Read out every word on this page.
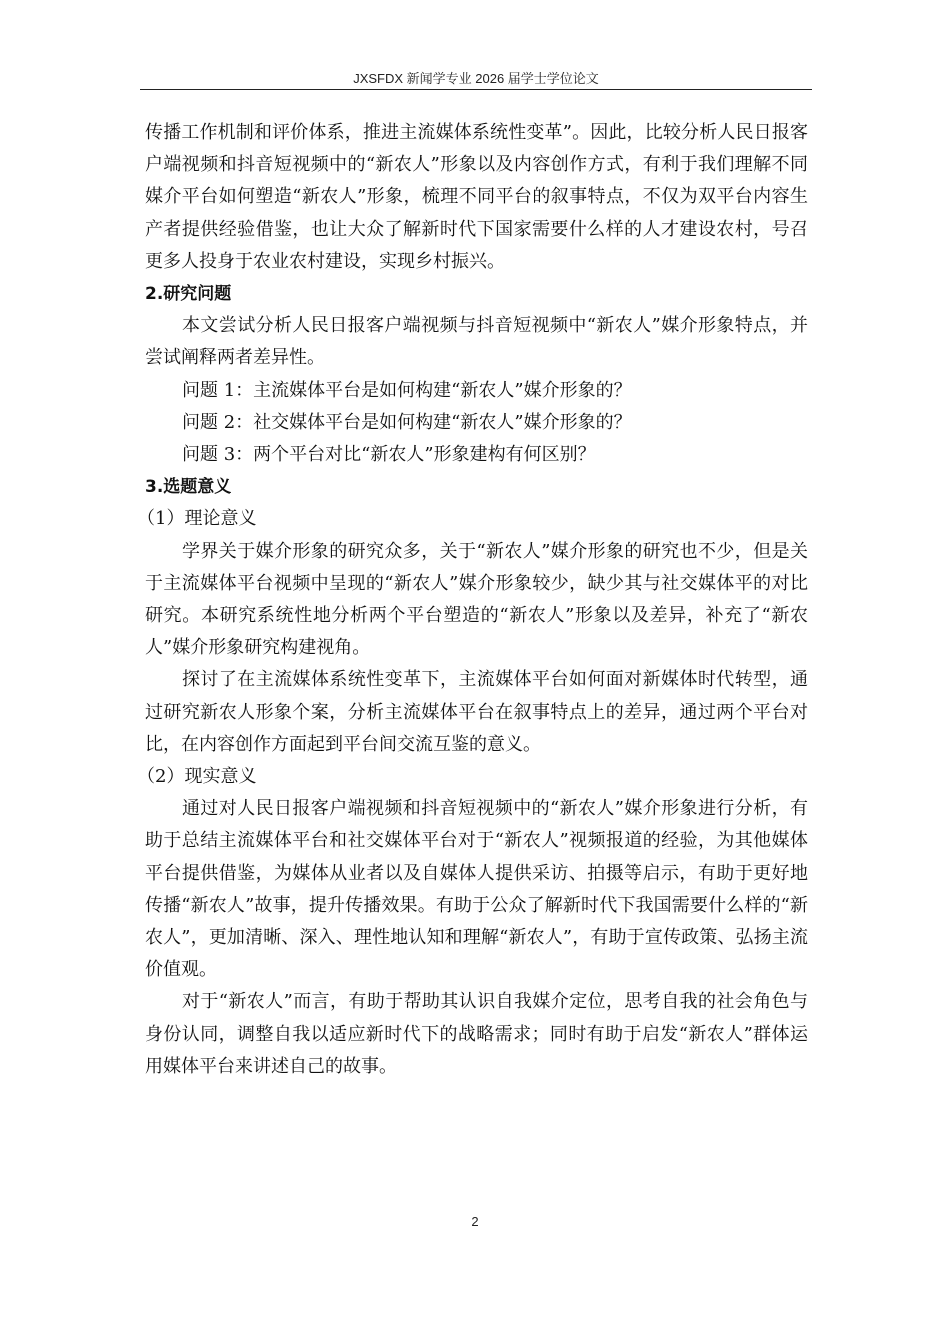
JXSFDX 新闻学专业 2026 届学士学位论文

传播工作机制和评价体系，推进主流媒体系统性变革”。因此，比较分析人民日报客户端视频和抖音短视频中的“新农人”形象以及内容创作方式，有利于我们理解不同媒介平台如何塑造“新农人”形象，梳理不同平台的叙事特点，不仅为双平台内容生产者提供经验借鉴，也让大众了解新时代下国家需要什么样的人才建设农村，号召更多人投身于农业农村建设，实现乡村振兴。

2.研究问题

本文尝试分析人民日报客户端视频与抖音短视频中“新农人”媒介形象特点，并尝试阐释两者差异性。

问题 1：主流媒体平台是如何构建“新农人”媒介形象的？

问题 2：社交媒体平台是如何构建“新农人”媒介形象的？

问题 3：两个平台对比“新农人”形象建构有何区别？

3.选题意义

（1）理论意义

学界关于媒介形象的研究众多，关于“新农人”媒介形象的研究也不少，但是关于主流媒体平台视频中呈现的“新农人”媒介形象较少，缺少其与社交媒体平的对比研究。本研究系统性地分析两个平台塑造的“新农人”形象以及差异，补充了“新农人”媒介形象研究构建视角。

探讨了在主流媒体系统性变革下，主流媒体平台如何面对新媒体时代转型，通过研究新农人形象个案，分析主流媒体平台在叙事特点上的差异，通过两个平台对比，在内容创作方面起到平台间交流互鉴的意义。

（2）现实意义

通过对人民日报客户端视频和抖音短视频中的“新农人”媒介形象进行分析，有助于总结主流媒体平台和社交媒体平台对于“新农人”视频报道的经验，为其他媒体平台提供借鉴，为媒体从业者以及自媒体人提供采访、拍摄等启示，有助于更好地传播“新农人”故事，提升传播效果。有助于公众了解新时代下我国需要什么样的“新农人”，更加清晰、深入、理性地认知和理解“新农人”，有助于宣传政策、弘扬主流价值观。

对于“新农人”而言，有助于帮助其认识自我媒介定位，思考自我的社会角色与身份认同，调整自我以适应新时代下的战略需求；同时有助于启发“新农人”群体运用媒体平台来讲述自己的故事。

2
